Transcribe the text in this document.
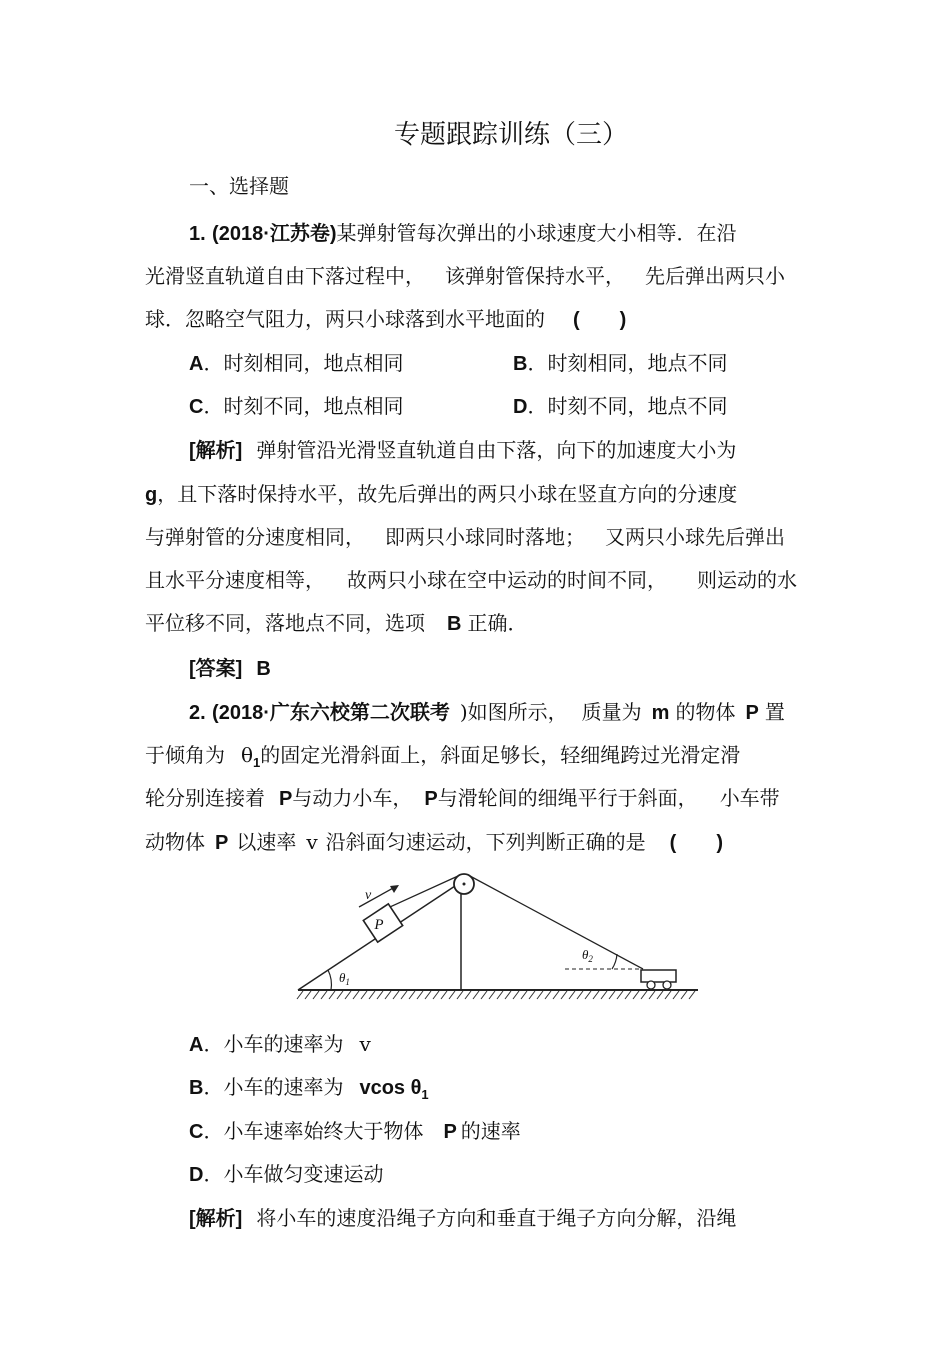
专题跟踪训练（三）
一、选择题
1. (2018·江苏卷)某弹射管每次弹出的小球速度大小相等．在沿
光滑竖直轨道自由下落过程中， 该弹射管保持水平， 先后弹出两只小
球．忽略空气阻力，两只小球落到水平地面的 (　　)
A．时刻相同，地点相同	B．时刻相同，地点不同
C．时刻不同，地点相同	D．时刻不同，地点不同
[解析] 弹射管沿光滑竖直轨道自由下落，向下的加速度大小为
g，且下落时保持水平，故先后弹出的两只小球在竖直方向的分速度
与弹射管的分速度相同， 即两只小球同时落地； 又两只小球先后弹出
且水平分速度相等， 故两只小球在空中运动的时间不同， 则运动的水
平位移不同，落地点不同，选项 B 正确．
[答案] B
2. (2018·广东六校第二次联考 )如图所示， 质量为 m 的物体 P 置
于倾角为 $\theta_1$的固定光滑斜面上，斜面足够长，轻细绳跨过光滑定滑
轮分别连接着 P与动力小车， P与滑轮间的细绳平行于斜面， 小车带
动物体 P 以速率 v 沿斜面匀速运动，下列判断正确的是 (　　)
P
v
$\theta_1$
$\theta_2$
A．小车的速率为 v
B．小车的速率为 vcos $\theta_1$
C．小车速率始终大于物体 P 的速率
D．小车做匀变速运动
[解析] 将小车的速度沿绳子方向和垂直于绳子方向分解，沿绳
